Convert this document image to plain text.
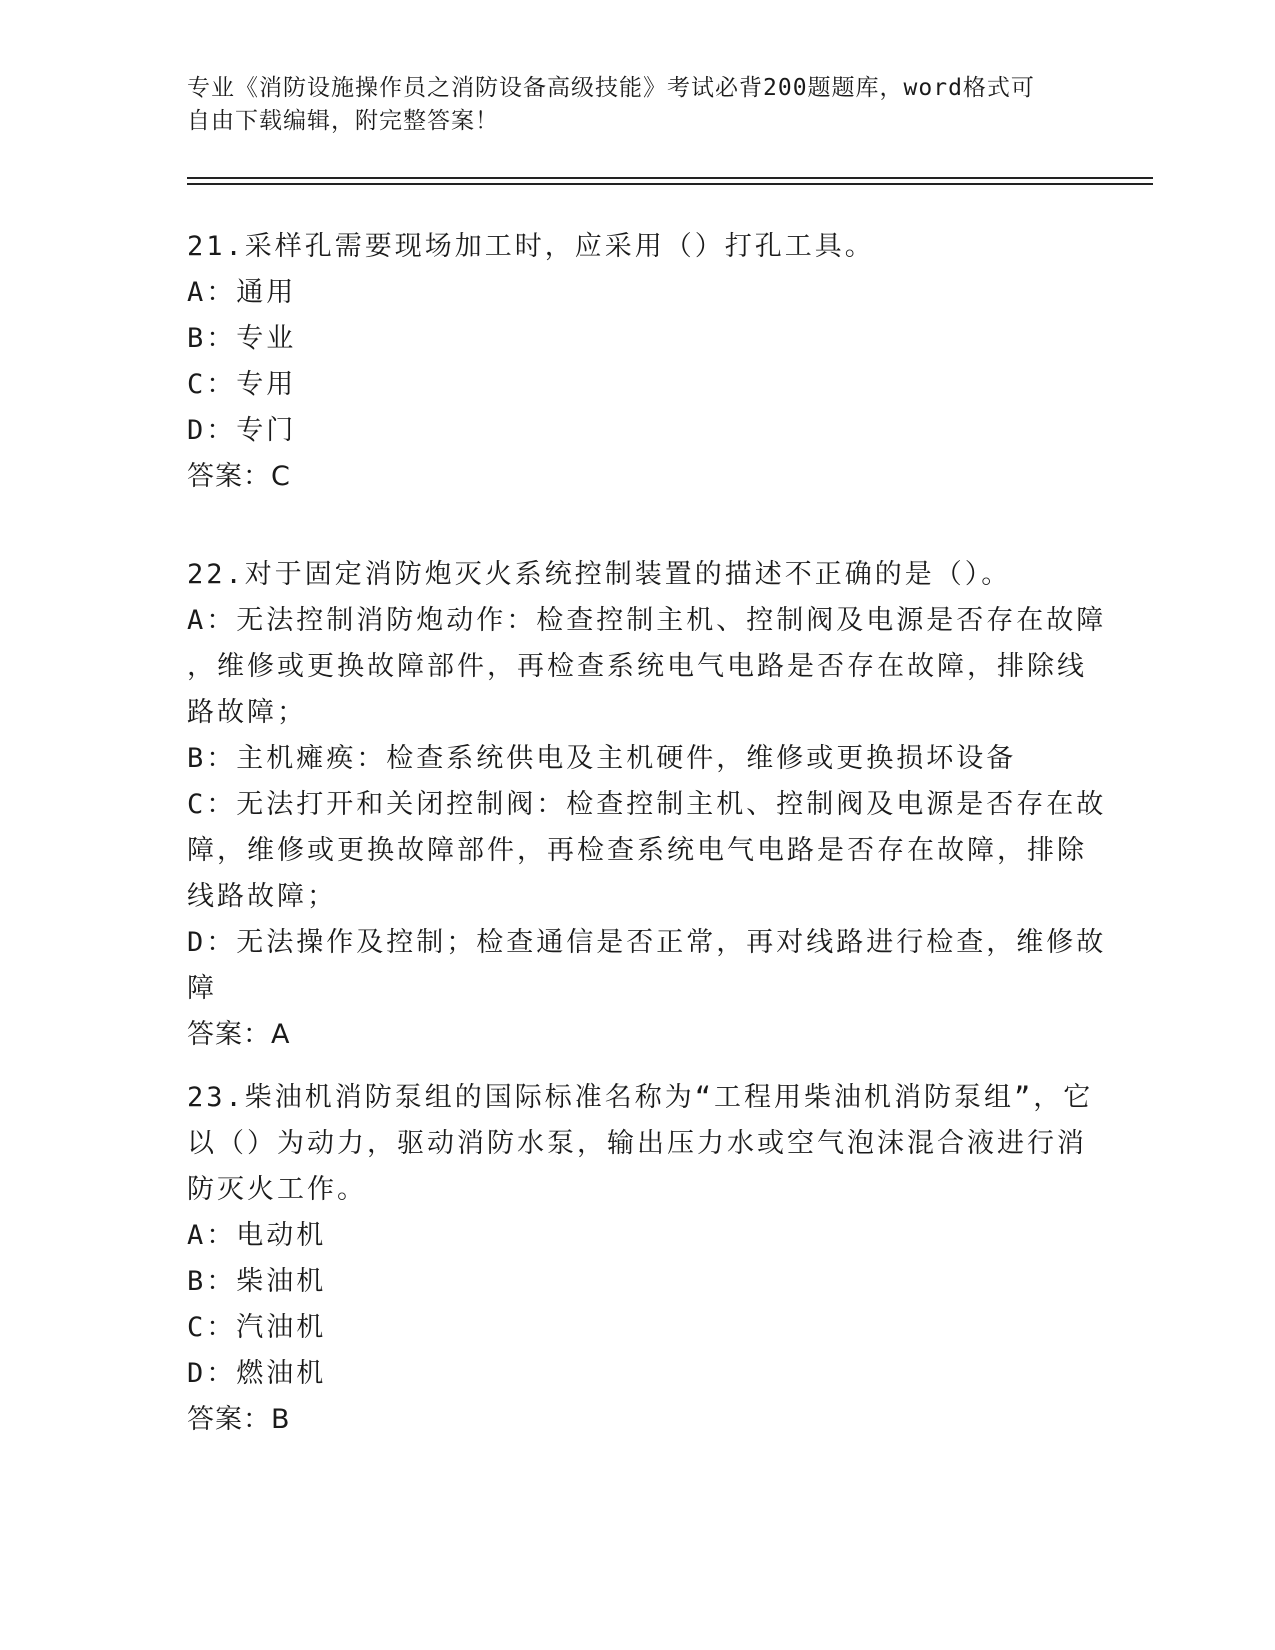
专业《消防设施操作员之消防设备高级技能》考试必背200题题库，word格式可
自由下载编辑，附完整答案！
21.采样孔需要现场加工时，应采用（）打孔工具。
A：通用
B：专业
C：专用
D：专门
答案：C
22.对于固定消防炮灭火系统控制装置的描述不正确的是（）。
A：无法控制消防炮动作：检查控制主机、控制阀及电源是否存在故障
，维修或更换故障部件，再检查系统电气电路是否存在故障，排除线
路故障；
B：主机瘫痪：检查系统供电及主机硬件，维修或更换损坏设备
C：无法打开和关闭控制阀：检查控制主机、控制阀及电源是否存在故
障，维修或更换故障部件，再检查系统电气电路是否存在故障，排除
线路故障；
D：无法操作及控制；检查通信是否正常，再对线路进行检查，维修故
障
答案：A
23.柴油机消防泵组的国际标准名称为“工程用柴油机消防泵组”，它
以（）为动力，驱动消防水泵，输出压力水或空气泡沫混合液进行消
防灭火工作。
A：电动机
B：柴油机
C：汽油机
D：燃油机
答案：B
